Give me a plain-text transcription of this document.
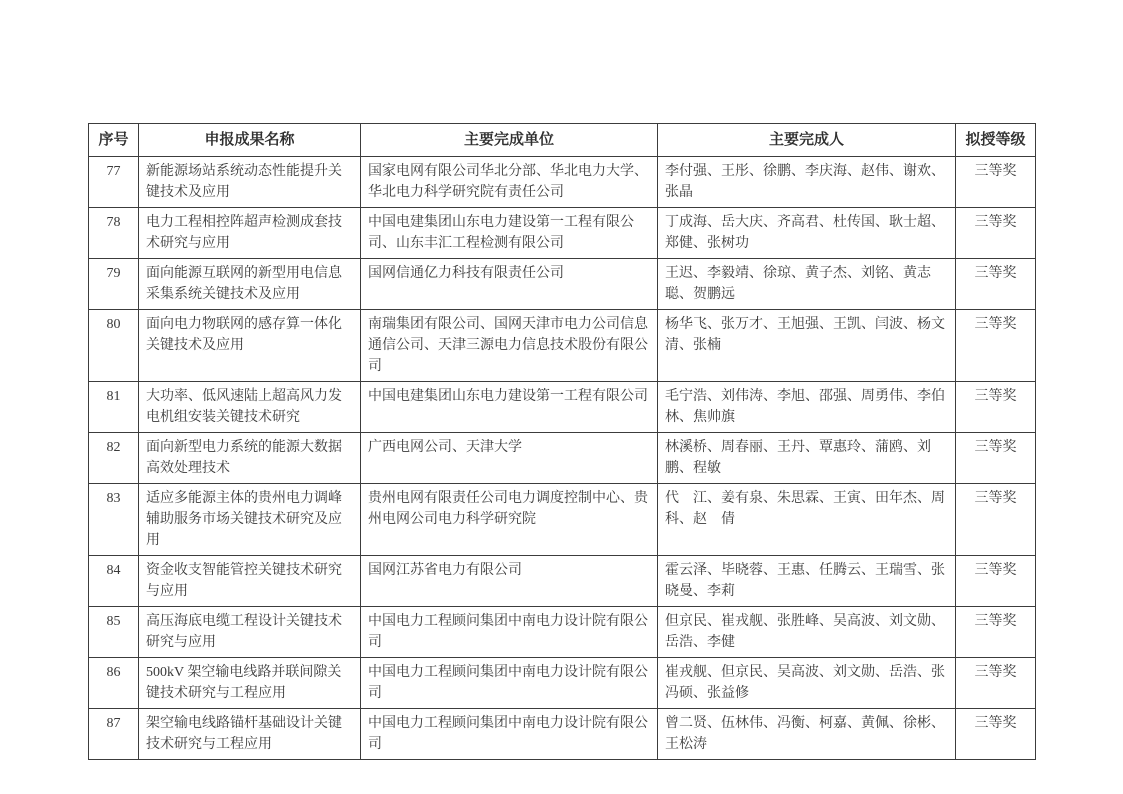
序号	申报成果名称	主要完成单位	主要完成人	拟授等级
77	新能源场站系统动态性能提升关键技术及应用	国家电网有限公司华北分部、华北电力大学、华北电力科学研究院有责任公司	李付强、王彤、徐鹏、李庆海、赵伟、谢欢、张晶	三等奖
78	电力工程相控阵超声检测成套技术研究与应用	中国电建集团山东电力建设第一工程有限公司、山东丰汇工程检测有限公司	丁成海、岳大庆、齐高君、杜传国、耿士超、郑健、张树功	三等奖
79	面向能源互联网的新型用电信息采集系统关键技术及应用	国网信通亿力科技有限责任公司	王迟、李毅靖、徐琼、黄子杰、刘铭、黄志聪、贺鹏远	三等奖
80	面向电力物联网的感存算一体化关键技术及应用	南瑞集团有限公司、国网天津市电力公司信息通信公司、天津三源电力信息技术股份有限公司	杨华飞、张万才、王旭强、王凯、闫波、杨文清、张楠	三等奖
81	大功率、低风速陆上超高风力发电机组安装关键技术研究	中国电建集团山东电力建设第一工程有限公司	毛宁浩、刘伟涛、李旭、邵强、周勇伟、李伯林、焦帅旗	三等奖
82	面向新型电力系统的能源大数据高效处理技术	广西电网公司、天津大学	林溪桥、周春丽、王丹、覃惠玲、蒲鸥、刘鹏、程敏	三等奖
83	适应多能源主体的贵州电力调峰辅助服务市场关键技术研究及应用	贵州电网有限责任公司电力调度控制中心、贵州电网公司电力科学研究院	代　江、姜有泉、朱思霖、王寅、田年杰、周科、赵　倩	三等奖
84	资金收支智能管控关键技术研究与应用	国网江苏省电力有限公司	霍云泽、毕晓蓉、王惠、任腾云、王瑞雪、张晓曼、李莉	三等奖
85	高压海底电缆工程设计关键技术研究与应用	中国电力工程顾问集团中南电力设计院有限公司	但京民、崔戎舰、张胜峰、吴高波、刘文勋、岳浩、李健	三等奖
86	500kV 架空输电线路并联间隙关键技术研究与工程应用	中国电力工程顾问集团中南电力设计院有限公司	崔戎舰、但京民、吴高波、刘文勋、岳浩、张冯硕、张益修	三等奖
87	架空输电线路锚杆基础设计关键技术研究与工程应用	中国电力工程顾问集团中南电力设计院有限公司	曾二贤、伍林伟、冯衡、柯嘉、黄佩、徐彬、王松涛	三等奖
